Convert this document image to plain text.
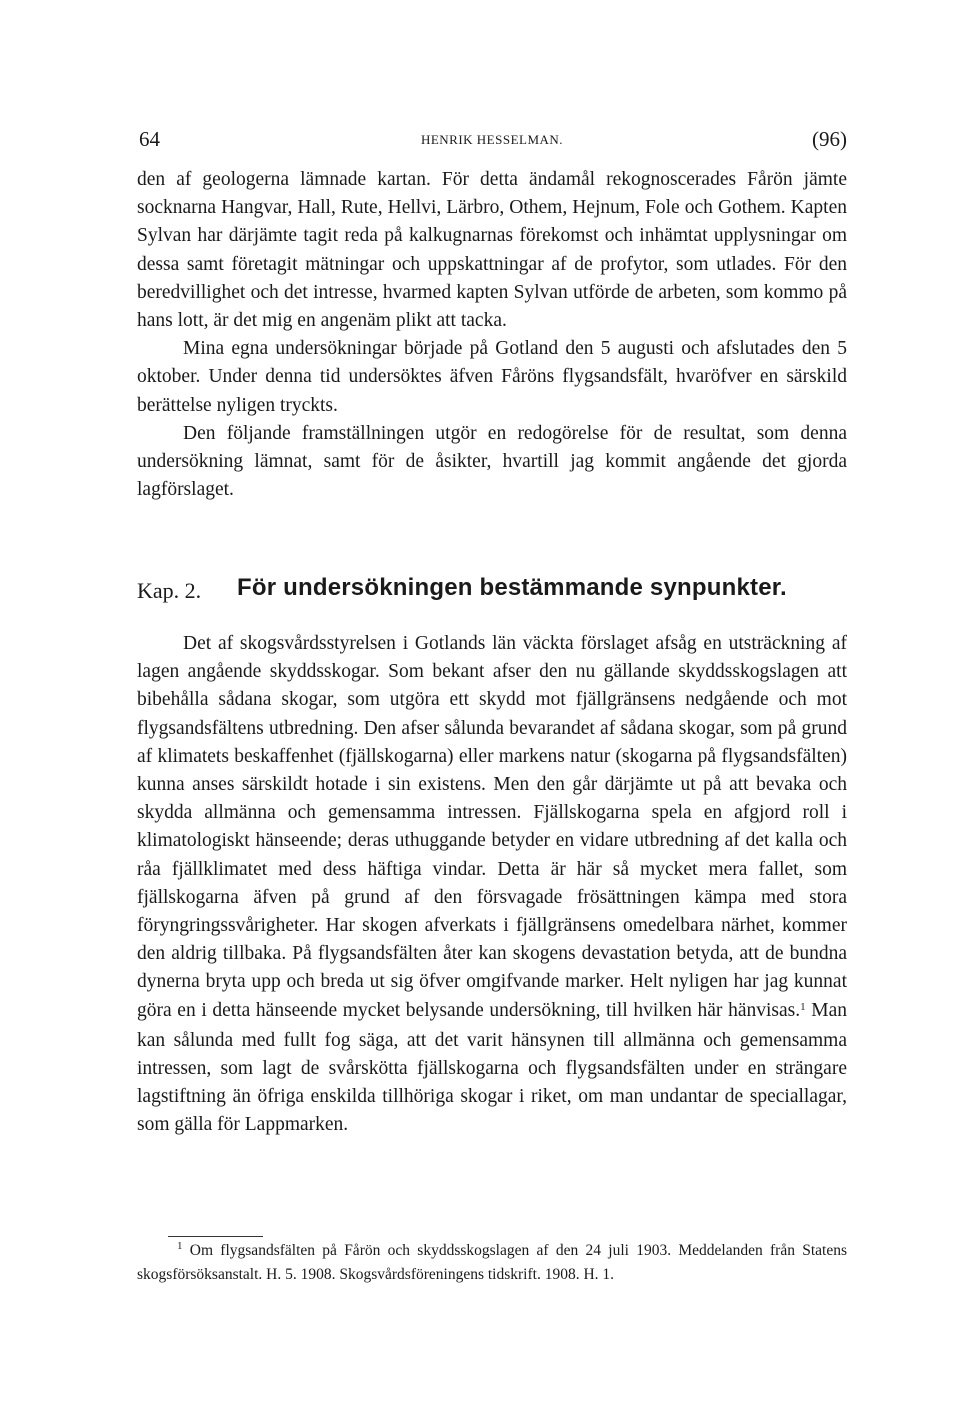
64	HENRIK HESSELMAN.	(96)

den af geologerna lämnade kartan. För detta ändamål rekognoscerades Fårön jämte socknarna Hangvar, Hall, Rute, Hellvi, Lärbro, Othem, Hejnum, Fole och Gothem. Kapten Sylvan har därjämte tagit reda på kalkugnarnas förekomst och inhämtat upplysningar om dessa samt företagit mätningar och uppskattningar af de profytor, som utlades. För den beredvillighet och det intresse, hvarmed kapten Sylvan utförde de arbeten, som kommo på hans lott, är det mig en angenäm plikt att tacka.

Mina egna undersökningar började på Gotland den 5 augusti och afslutades den 5 oktober. Under denna tid undersöktes äfven Fåröns flygsandsfält, hvaröfver en särskild berättelse nyligen tryckts.

Den följande framställningen utgör en redogörelse för de resultat, som denna undersökning lämnat, samt för de åsikter, hvartill jag kommit angående det gjorda lagförslaget.

Kap. 2. För undersökningen bestämmande synpunkter.

Det af skogsvårdsstyrelsen i Gotlands län väckta förslaget afsåg en utsträckning af lagen angående skyddsskogar. Som bekant afser den nu gällande skyddsskogslagen att bibehålla sådana skogar, som utgöra ett skydd mot fjällgränsens nedgående och mot flygsandsfältens utbredning. Den afser sålunda bevarandet af sådana skogar, som på grund af klimatets beskaffenhet (fjällskogarna) eller markens natur (skogarna på flygsandsfälten) kunna anses särskildt hotade i sin existens. Men den går därjämte ut på att bevaka och skydda allmänna och gemensamma intressen. Fjällskogarna spela en afgjord roll i klimatologiskt hänseende; deras uthuggande betyder en vidare utbredning af det kalla och råa fjällklimatet med dess häftiga vindar. Detta är här så mycket mera fallet, som fjällskogarna äfven på grund af den försvagade frösättningen kämpa med stora föryngringssvårigheter. Har skogen afverkats i fjällgränsens omedelbara närhet, kommer den aldrig tillbaka. På flygsandsfälten åter kan skogens devastation betyda, att de bundna dynerna bryta upp och breda ut sig öfver omgifvande marker. Helt nyligen har jag kunnat göra en i detta hänseende mycket belysande undersökning, till hvilken här hänvisas.$^1$ Man kan sålunda med fullt fog säga, att det varit hänsynen till allmänna och gemensamma intressen, som lagt de svårskötta fjällskogarna och flygsandsfälten under en strängare lagstiftning än öfriga enskilda tillhöriga skogar i riket, om man undantar de speciallagar, som gälla för Lappmarken.

$^1$ Om flygsandsfälten på Fårön och skyddsskogslagen af den 24 juli 1903. Meddelanden från Statens skogsförsöksanstalt. H. 5. 1908. Skogsvårdsföreningens tidskrift. 1908. H. 1.
